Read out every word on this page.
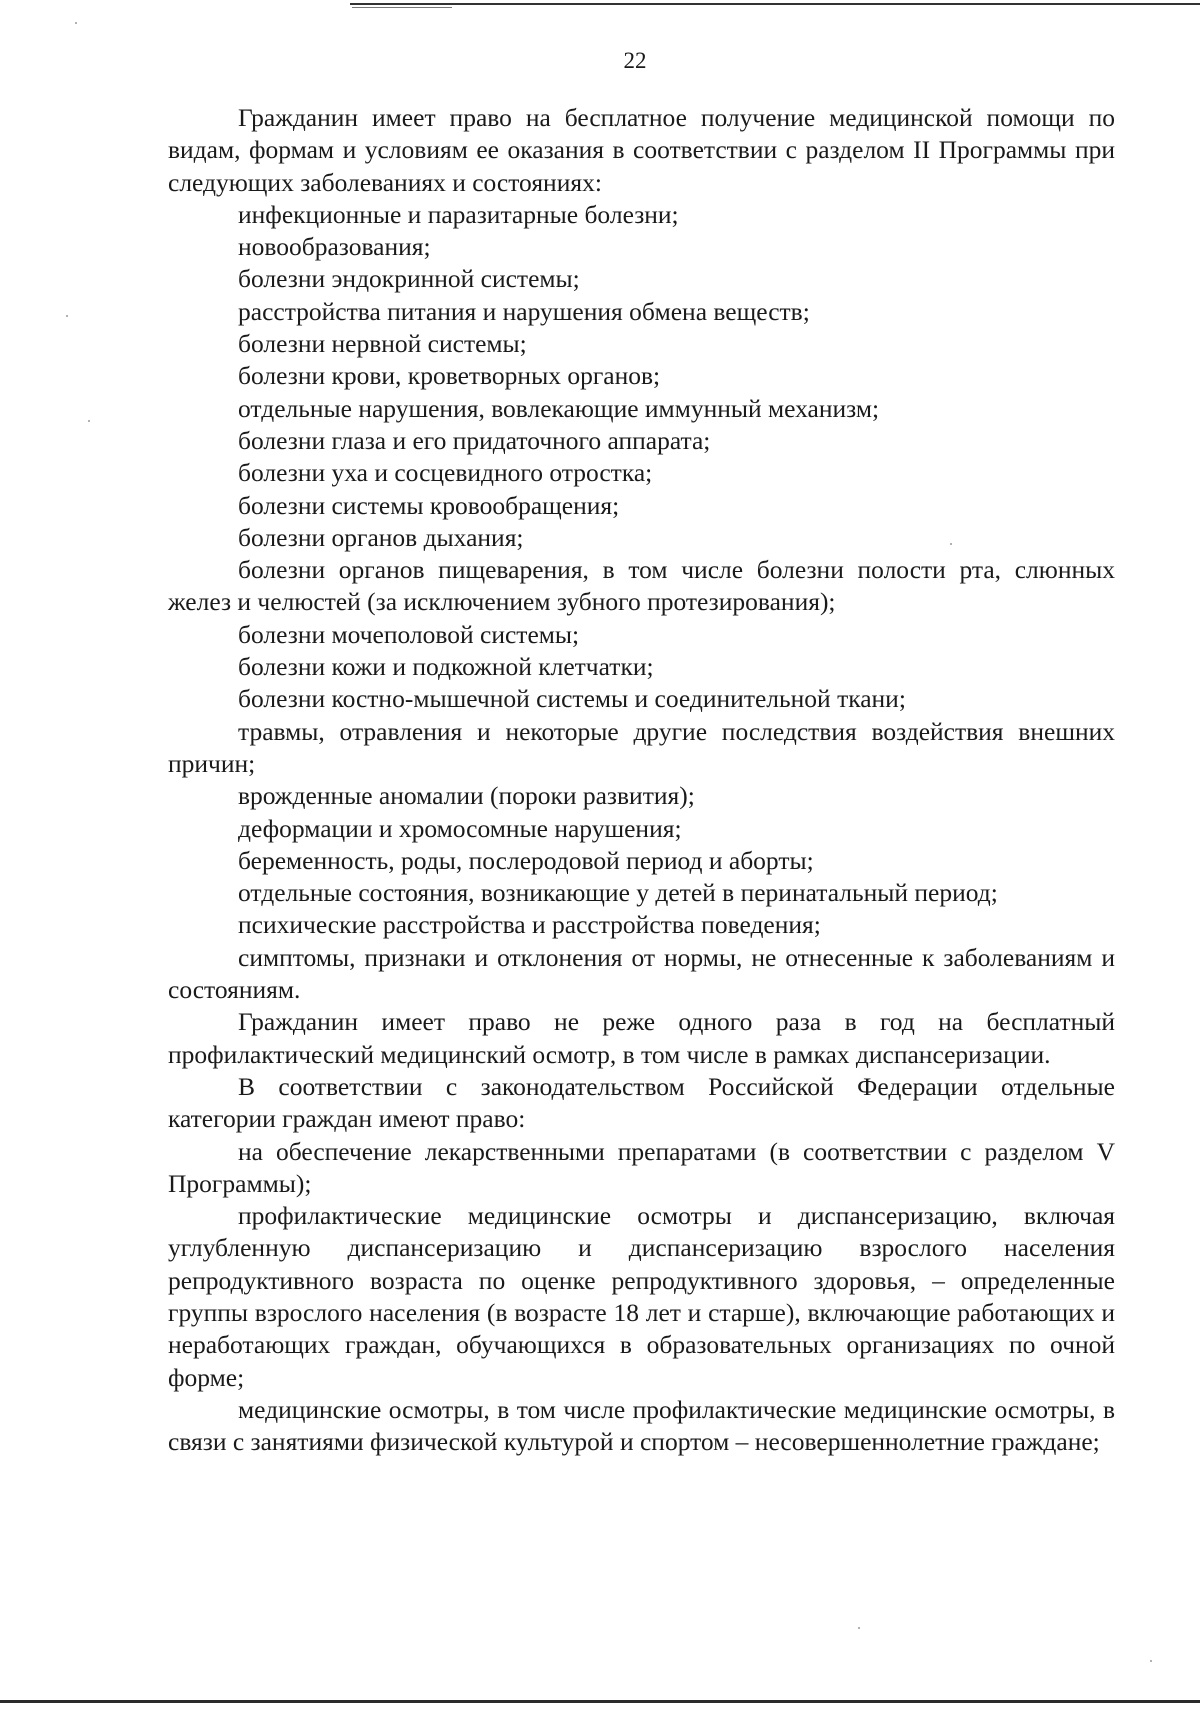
22

Гражданин имеет право на бесплатное получение медицинской помощи по видам, формам и условиям ее оказания в соответствии с разделом II Программы при следующих заболеваниях и состояниях:

инфекционные и паразитарные болезни;

новообразования;

болезни эндокринной системы;

расстройства питания и нарушения обмена веществ;

болезни нервной системы;

болезни крови, кроветворных органов;

отдельные нарушения, вовлекающие иммунный механизм;

болезни глаза и его придаточного аппарата;

болезни уха и сосцевидного отростка;

болезни системы кровообращения;

болезни органов дыхания;

болезни органов пищеварения, в том числе болезни полости рта, слюнных желез и челюстей (за исключением зубного протезирования);

болезни мочеполовой системы;

болезни кожи и подкожной клетчатки;

болезни костно-мышечной системы и соединительной ткани;

травмы, отравления и некоторые другие последствия воздействия внешних причин;

врожденные аномалии (пороки развития);

деформации и хромосомные нарушения;

беременность, роды, послеродовой период и аборты;

отдельные состояния, возникающие у детей в перинатальный период;

психические расстройства и расстройства поведения;

симптомы, признаки и отклонения от нормы, не отнесенные к заболеваниям и состояниям.

Гражданин имеет право не реже одного раза в год на бесплатный профилактический медицинский осмотр, в том числе в рамках диспансеризации.

В соответствии с законодательством Российской Федерации отдельные категории граждан имеют право:

на обеспечение лекарственными препаратами (в соответствии с разделом V Программы);

профилактические медицинские осмотры и диспансеризацию, включая углубленную диспансеризацию и диспансеризацию взрослого населения репродуктивного возраста по оценке репродуктивного здоровья, – определенные группы взрослого населения (в возрасте 18 лет и старше), включающие работающих и неработающих граждан, обучающихся в образовательных организациях по очной форме;

медицинские осмотры, в том числе профилактические медицинские осмотры, в связи с занятиями физической культурой и спортом – несовершеннолетние граждане;
